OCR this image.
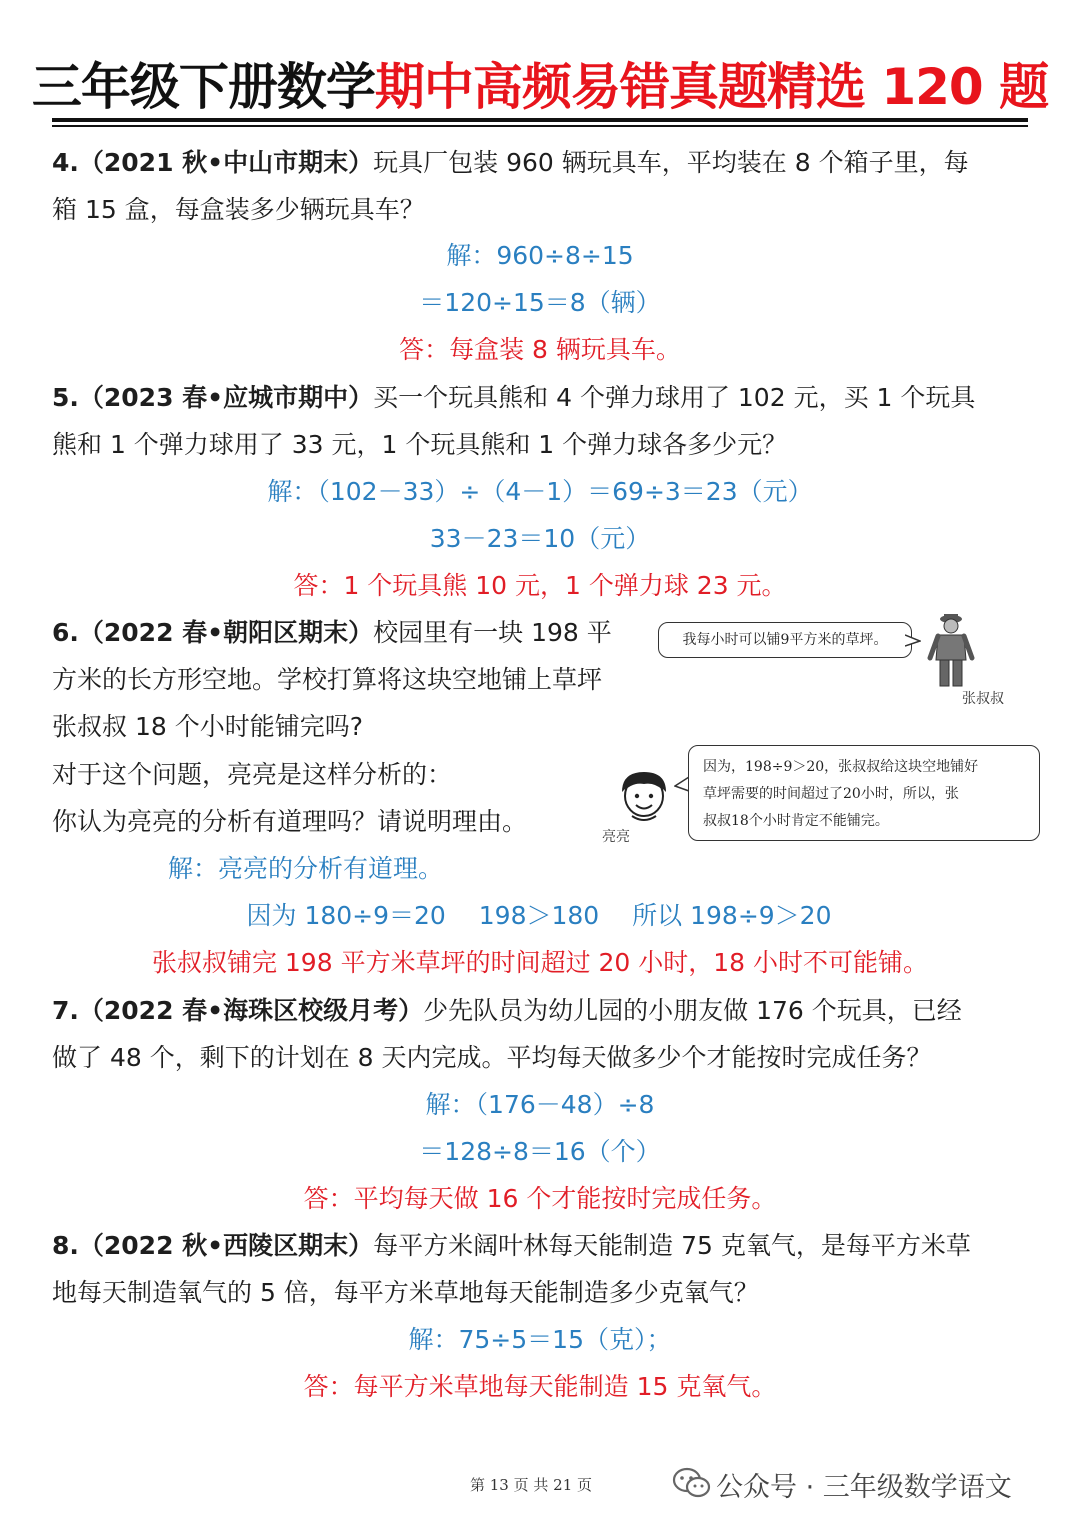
三年级下册数学期中高频易错真题精选 120 题
4.（2021 秋•中山市期末）玩具厂包装 960 辆玩具车，平均装在 8 个箱子里，每
箱 15 盒，每盒装多少辆玩具车？
解：960÷8÷15
＝120÷15＝8（辆）
答：每盒装 8 辆玩具车。
5.（2023 春•应城市期中）买一个玩具熊和 4 个弹力球用了 102 元，买 1 个玩具
熊和 1 个弹力球用了 33 元，1 个玩具熊和 1 个弹力球各多少元？
解：（102－33）÷（4－1）＝69÷3＝23（元）
33－23＝10（元）
答：1 个玩具熊 10 元，1 个弹力球 23 元。
6.（2022 春•朝阳区期末）校园里有一块 198 平
方米的长方形空地。学校打算将这块空地铺上草坪
张叔叔 18 个小时能铺完吗?
对于这个问题，亮亮是这样分析的：
你认为亮亮的分析有道理吗？请说明理由。
我每小时可以铺9平方米的草坪。
张叔叔
亮亮
因为，198÷9＞20，张叔叔给这块空地铺好
草坪需要的时间超过了20小时，所以，张
叔叔18个小时肯定不能铺完。
解：亮亮的分析有道理。
因为 180÷9＝20　 198＞180　 所以 198÷9＞20
张叔叔铺完 198 平方米草坪的时间超过 20 小时，18 小时不可能铺。
7.（2022 春•海珠区校级月考）少先队员为幼儿园的小朋友做 176 个玩具，已经
做了 48 个，剩下的计划在 8 天内完成。平均每天做多少个才能按时完成任务？
解：（176－48）÷8
＝128÷8＝16（个）
答：平均每天做 16 个才能按时完成任务。
8.（2022 秋•西陵区期末）每平方米阔叶林每天能制造 75 克氧气，是每平方米草
地每天制造氧气的 5 倍，每平方米草地每天能制造多少克氧气？
解：75÷5＝15（克）；
答：每平方米草地每天能制造 15 克氧气。
第 13 页 共 21 页	公众号 · 三年级数学语文
